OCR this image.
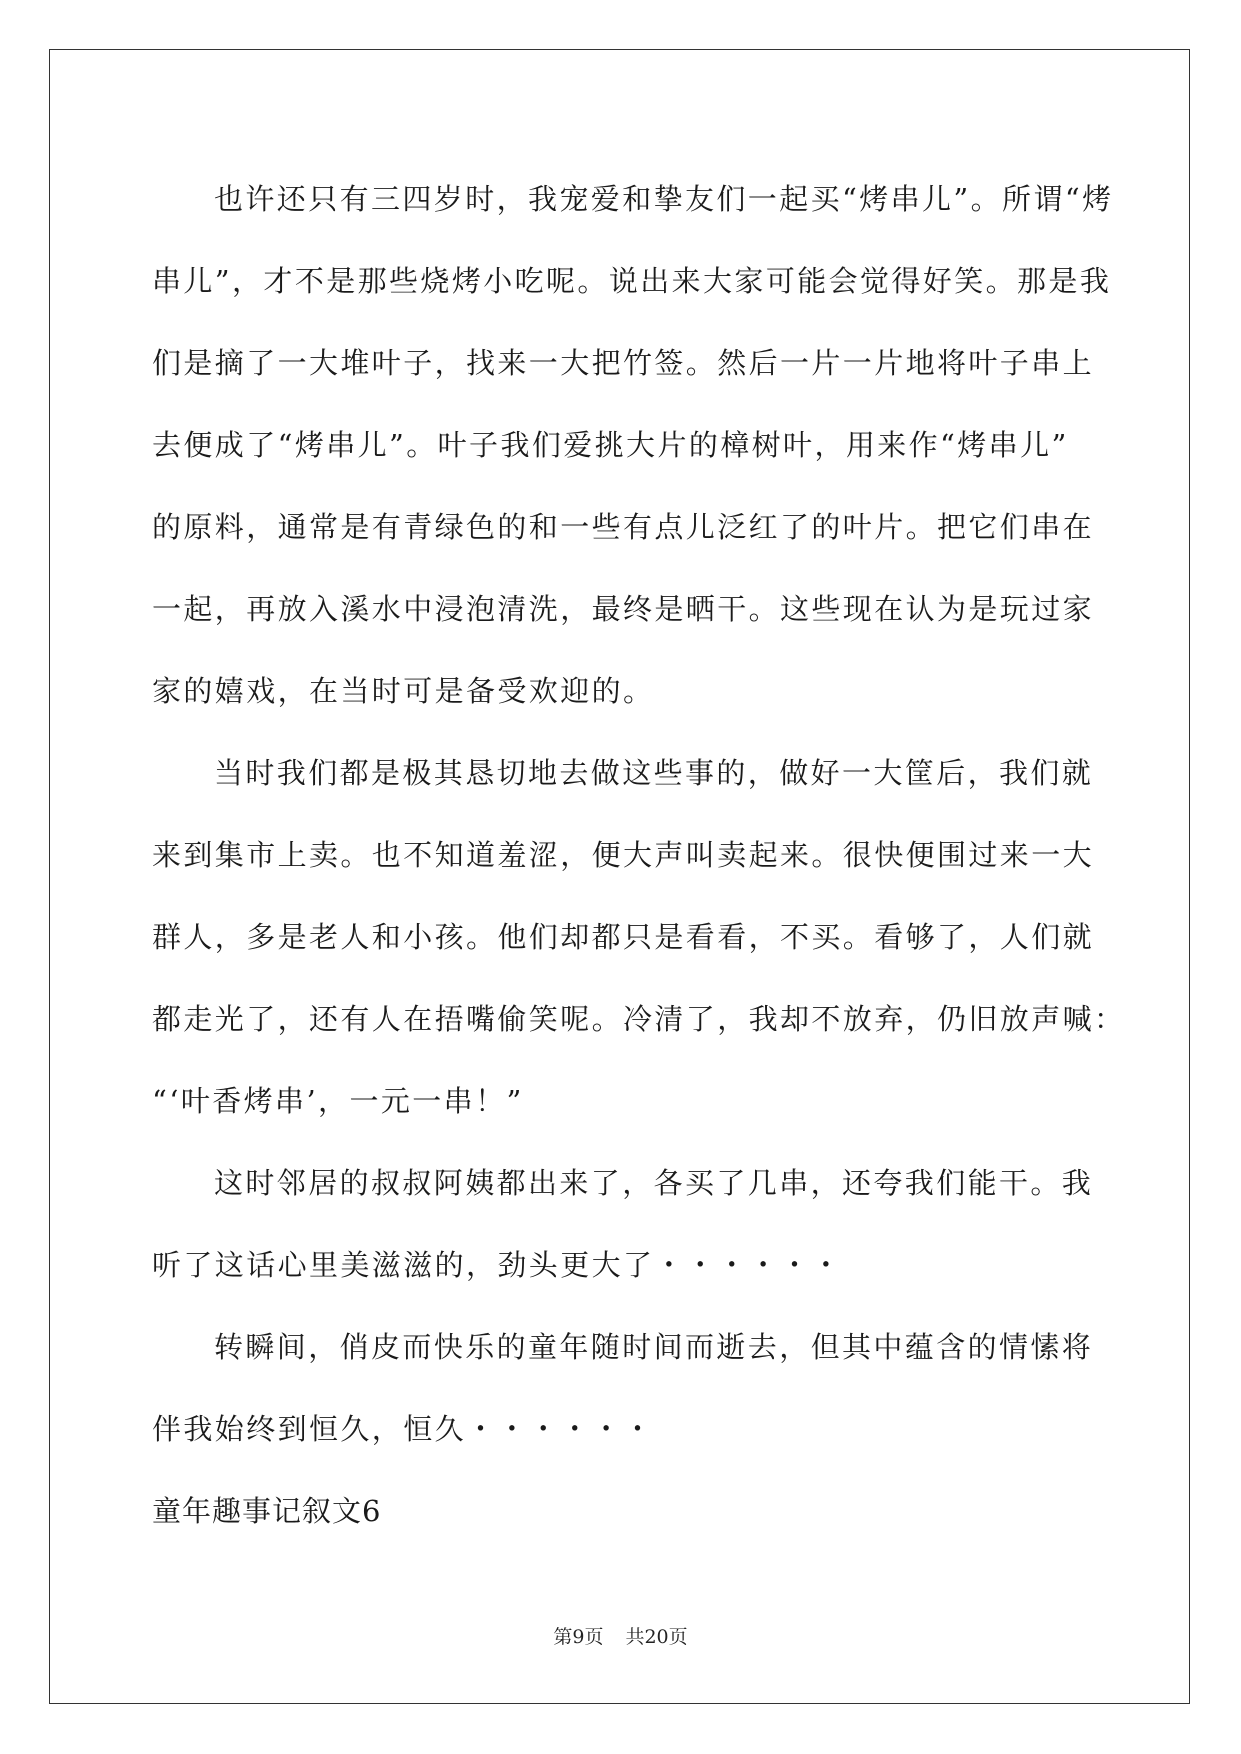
也许还只有三四岁时，我宠爱和挚友们一起买“烤串儿”。所谓“烤
串儿”，才不是那些烧烤小吃呢。说出来大家可能会觉得好笑。那是我
们是摘了一大堆叶子，找来一大把竹签。然后一片一片地将叶子串上
去便成了“烤串儿”。叶子我们爱挑大片的樟树叶，用来作“烤串儿”
的原料，通常是有青绿色的和一些有点儿泛红了的叶片。把它们串在
一起，再放入溪水中浸泡清洗，最终是晒干。这些现在认为是玩过家
家的嬉戏，在当时可是备受欢迎的。
当时我们都是极其恳切地去做这些事的，做好一大筐后，我们就
来到集市上卖。也不知道羞涩，便大声叫卖起来。很快便围过来一大
群人，多是老人和小孩。他们却都只是看看，不买。看够了，人们就
都走光了，还有人在捂嘴偷笑呢。冷清了，我却不放弃，仍旧放声喊：
“‘叶香烤串’，一元一串！”
这时邻居的叔叔阿姨都出来了，各买了几串，还夸我们能干。我
听了这话心里美滋滋的，劲头更大了・・・・・・
转瞬间，俏皮而快乐的童年随时间而逝去，但其中蕴含的情愫将
伴我始终到恒久，恒久・・・・・・
童年趣事记叙文6
第9页 共20页
